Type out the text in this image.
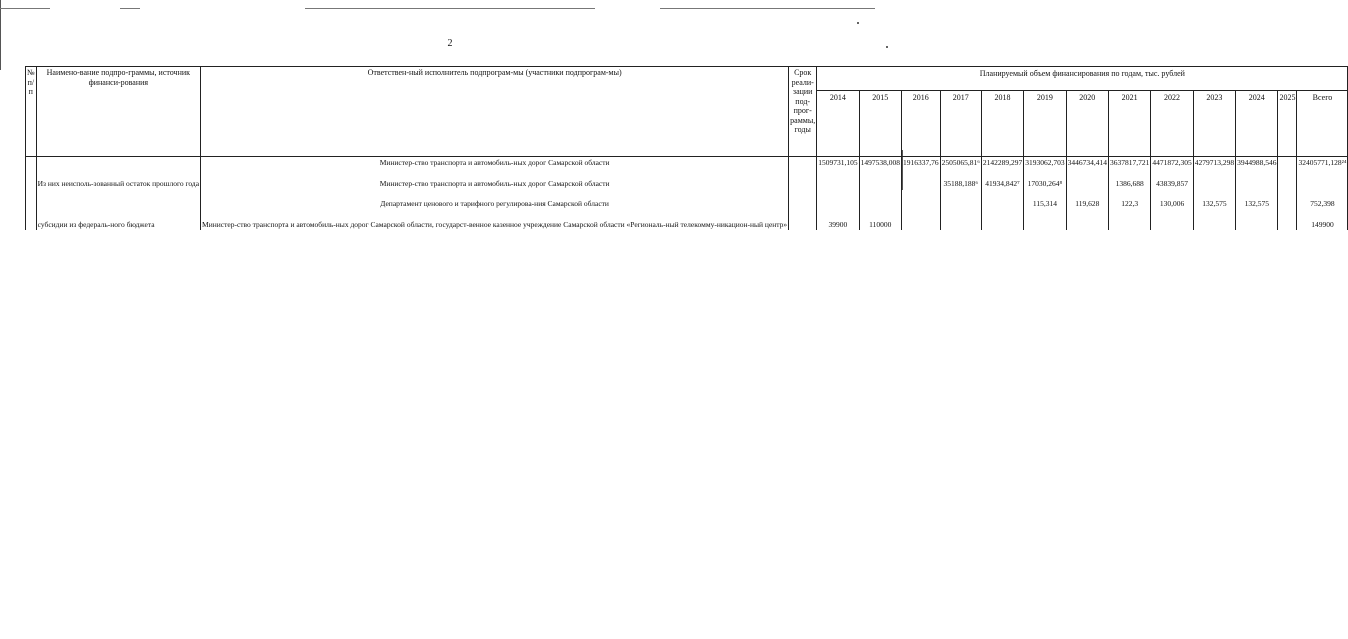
2
№ п/п	Наимено-вание подпро-граммы, источник финанси-рования	Ответствен-ный исполнитель подпрограм-мы (участники подпрограм-мы)	Срок реали-зации под-прог-раммы, годы	Планируемый объем финансирования по годам, тыс. рублей												
				2014	2015	2016	2017	2018	2019	2020	2021	2022	2023	2024	2025	Всего
		Министер-ство транспорта и автомобиль-ных дорог Самарской области		1509731,105	1497538,008	1916337,76	2505065,81⁶	2142289,297	3193062,703	3446734,414	3637817,721	4471872,305	4279713,298	3944988,546		32405771,128²⁴
	Из них неисполь-зованный остаток прошлого года	Министер-ство транспорта и автомобиль-ных дорог Самарской области					35188,188⁶	41934,842⁷	17030,264⁸		1386,688	43839,857				
		Департамент ценового и тарифного регулирова-ния Самарской области							115,314	119,628	122,3	130,006	132,575	132,575		752,398
	субсидии из федераль-ного бюджета	Министер-ство транспорта и автомобиль-ных дорог Самарской области, государст-венное казенное учреждение Самарской области «Региональ-ный телекомму-никацион-ный центр»		39900	110000											149900
